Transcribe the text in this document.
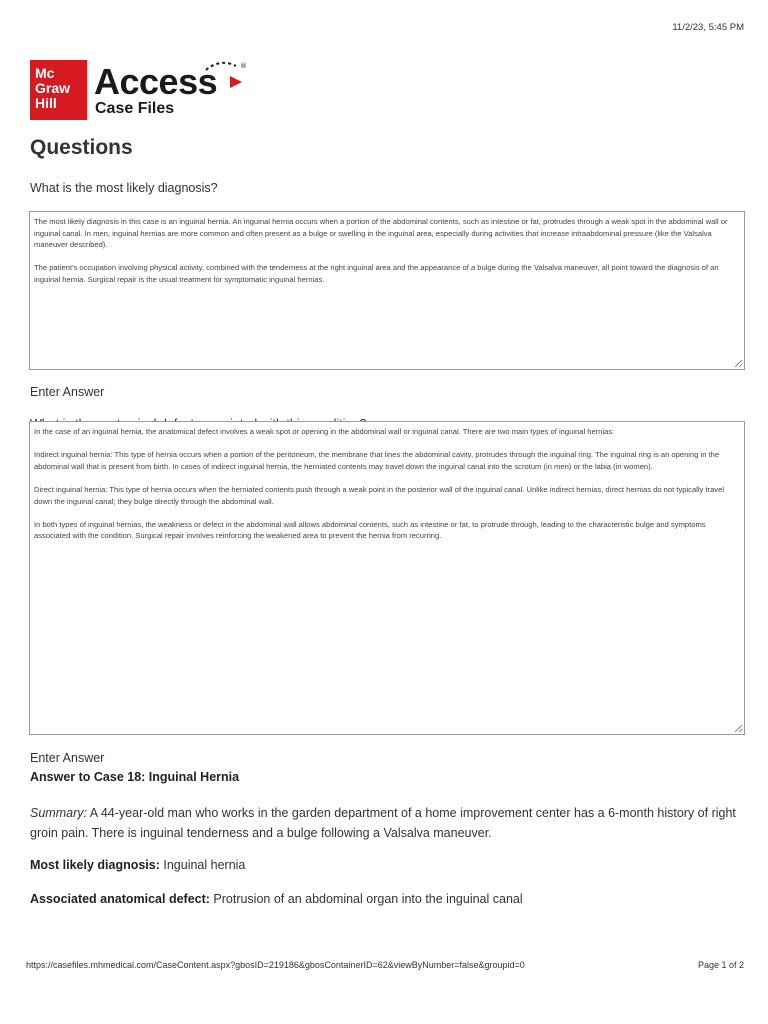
11/2/23, 5:45 PM
Mc
Graw
Hill
Access
Case Files
®
Questions
What is the most likely diagnosis?

The most likely diagnosis in this case is an inguinal hernia. An inguinal hernia occurs when a portion of the abdominal contents, such as intestine or fat, protrudes through a weak spot in the abdominal wall or inguinal canal. In men, inguinal hernias are more common and often present as a bulge or swelling in the inguinal area, especially during activities that increase intraabdominal pressure (like the Valsalva maneuver described).

The patient's occupation involving physical activity, combined with the tenderness at the right inguinal area and the appearance of a bulge during the Valsalva maneuver, all point toward the diagnosis of an inguinal hernia. Surgical repair is the usual treatment for symptomatic inguinal hernias.

Enter Answer

In the case of an inguinal hernia, the anatomical defect involves a weak spot or opening in the abdominal wall or inguinal canal. There are two main types of inguinal hernias:

Indirect inguinal hernia: This type of hernia occurs when a portion of the peritoneum, the membrane that lines the abdominal cavity, protrudes through the inguinal ring. The inguinal ring is an opening in the abdominal wall that is present from birth. In cases of indirect inguinal hernia, the herniated contents may travel down the inguinal canal into the scrotum (in men) or the labia (in women).

Direct inguinal hernia: This type of hernia occurs when the herniated contents push through a weak point in the posterior wall of the inguinal canal. Unlike indirect hernias, direct hernias do not typically travel down the inguinal canal; they bulge directly through the abdominal wall.

In both types of inguinal hernias, the weakness or defect in the abdominal wall allows abdominal contents, such as intestine or fat, to protrude through, leading to the characteristic bulge and symptoms associated with the condition. Surgical repair involves reinforcing the weakened area to prevent the hernia from recurring.

Enter Answer
Answer to Case 18: Inguinal Hernia

Summary: A 44-year-old man who works in the garden department of a home improvement center has a 6-month history of right groin pain. There is inguinal tenderness and a bulge following a Valsalva maneuver.

Most likely diagnosis: Inguinal hernia

Associated anatomical defect: Protrusion of an abdominal organ into the inguinal canal

https://casefiles.mhmedical.com/CaseContent.aspx?gbosID=219186&gbosContainerID=62&viewByNumber=false&groupid=0	Page 1 of 2
